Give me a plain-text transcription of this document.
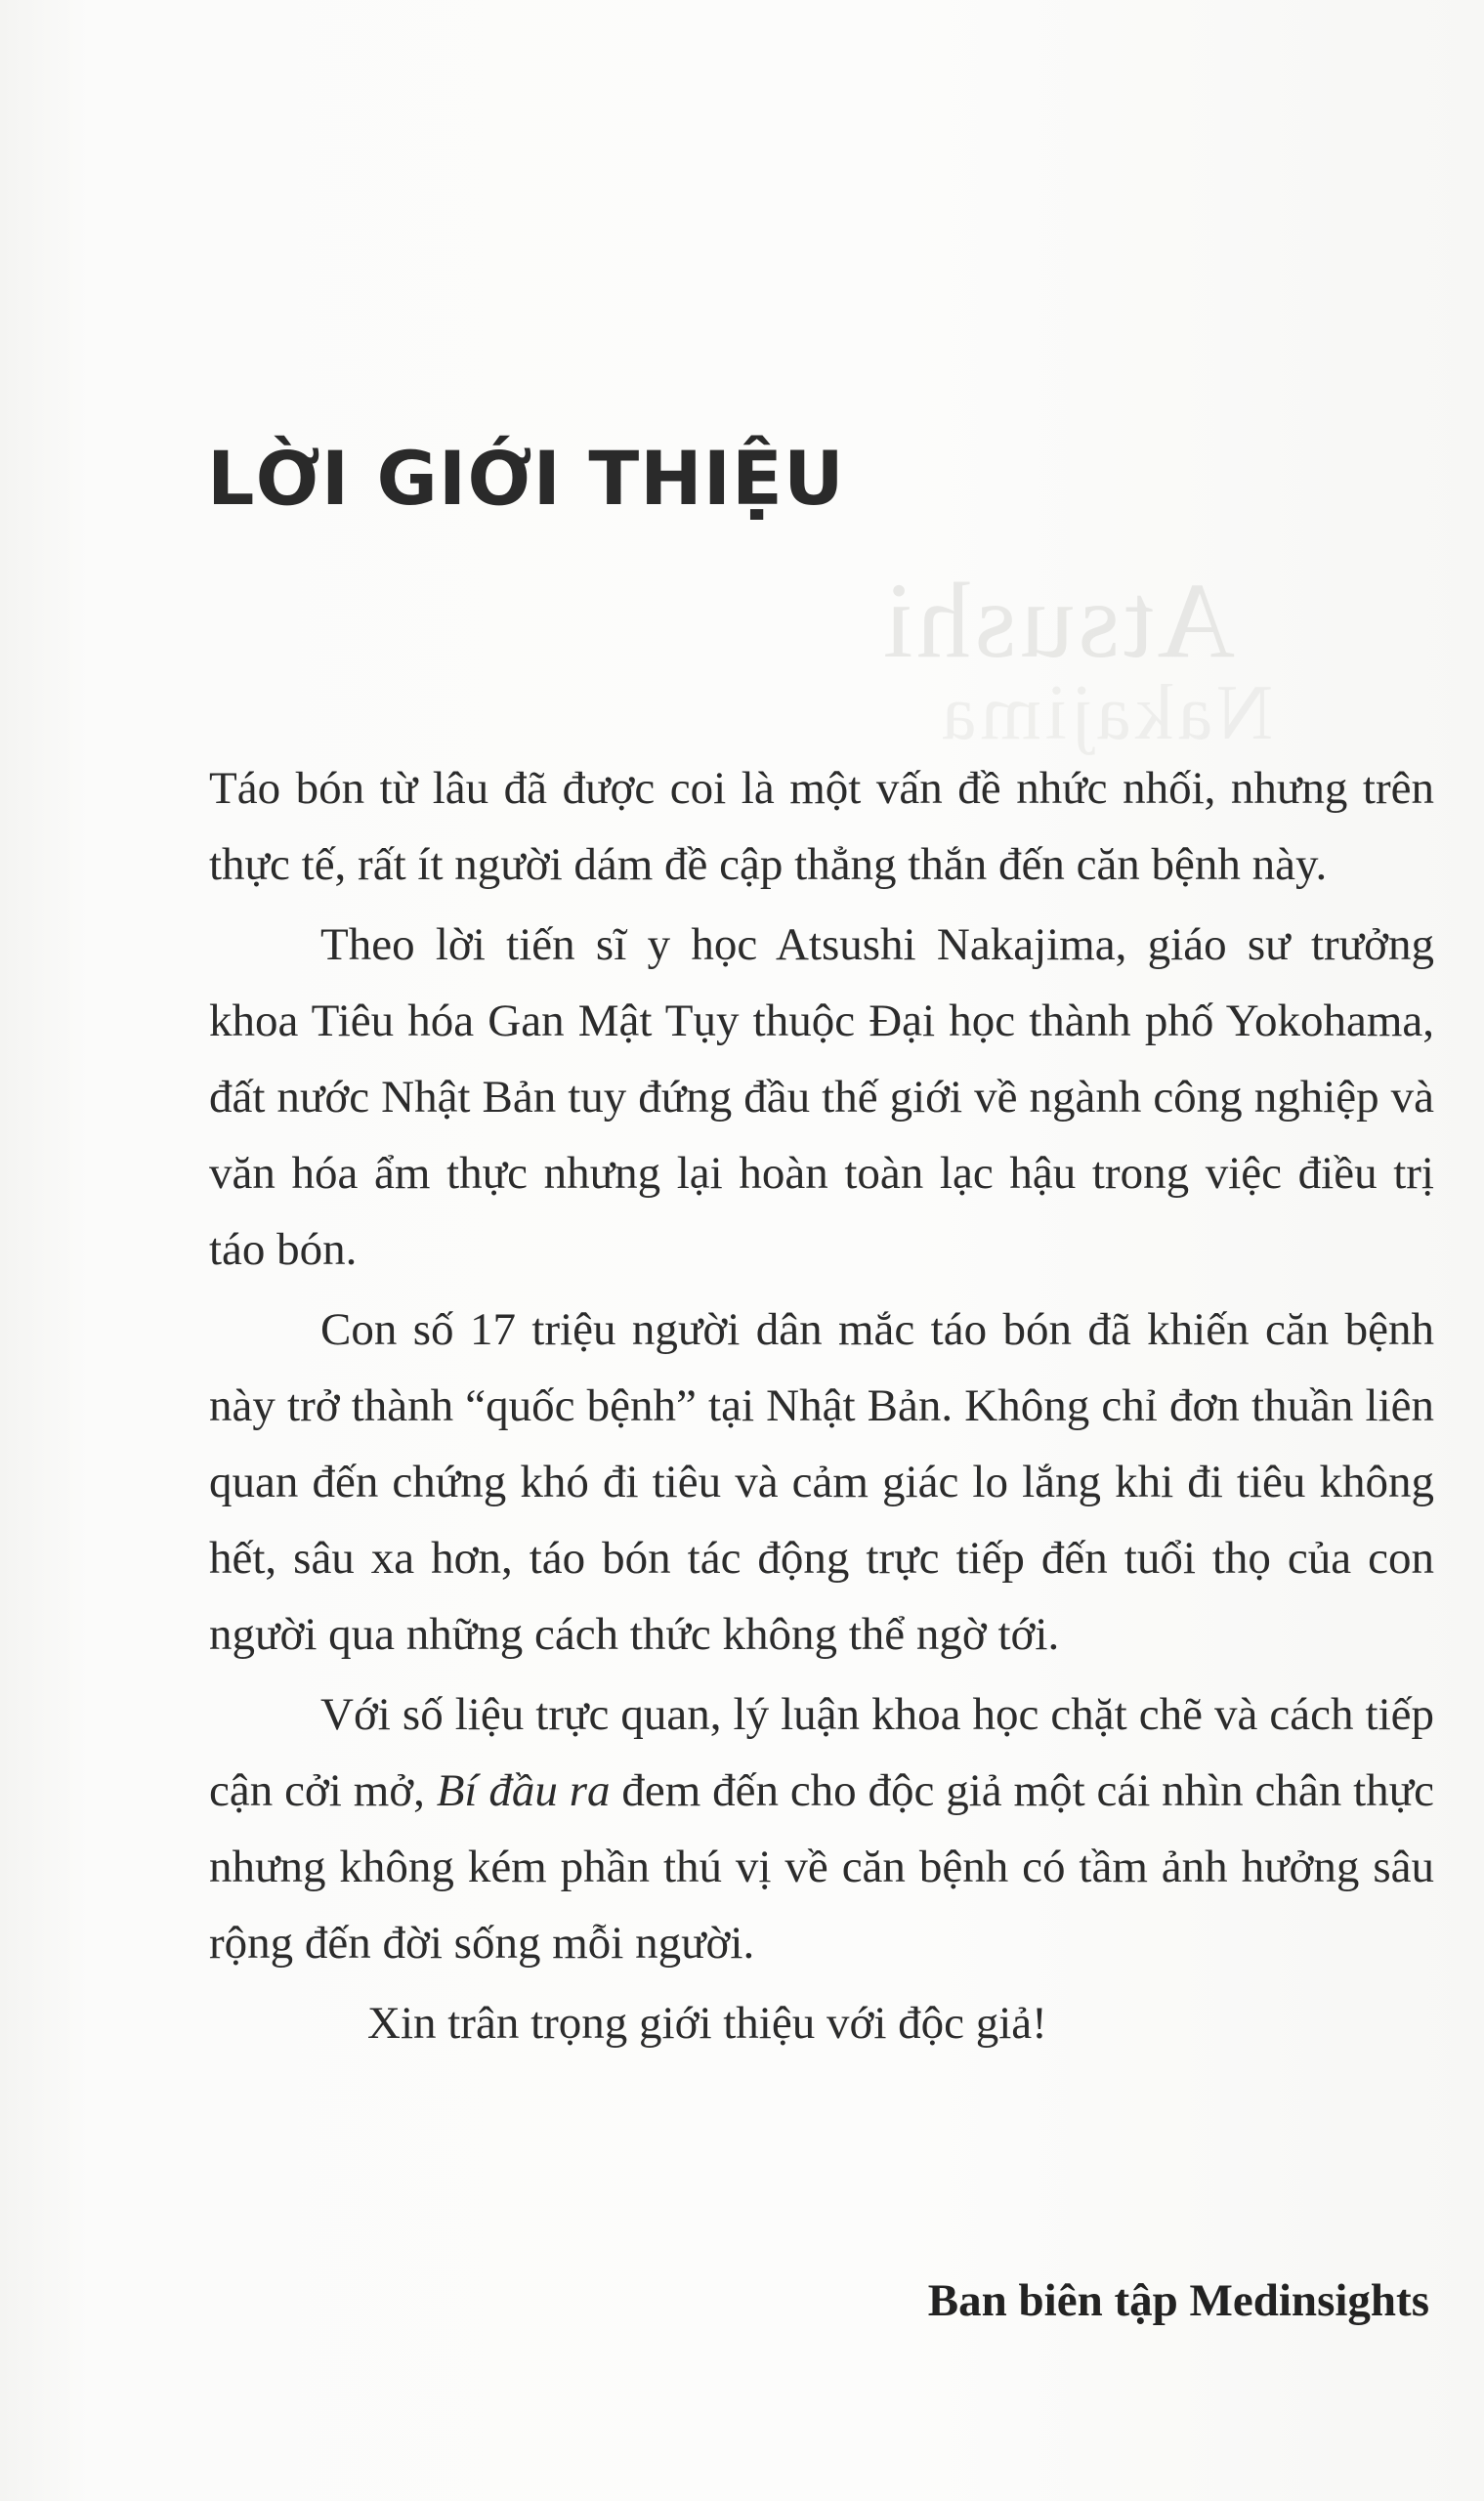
Atsushi
Nakajima
LỜI GIỚI THIỆU

Táo bón từ lâu đã được coi là một vấn đề nhức nhối, nhưng trên thực tế, rất ít người dám đề cập thẳng thắn đến căn bệnh này.

Theo lời tiến sĩ y học Atsushi Nakajima, giáo sư trưởng khoa Tiêu hóa Gan Mật Tụy thuộc Đại học thành phố Yokohama, đất nước Nhật Bản tuy đứng đầu thế giới về ngành công nghiệp và văn hóa ẩm thực nhưng lại hoàn toàn lạc hậu trong việc điều trị táo bón.

Con số 17 triệu người dân mắc táo bón đã khiến căn bệnh này trở thành “quốc bệnh” tại Nhật Bản. Không chỉ đơn thuần liên quan đến chứng khó đi tiêu và cảm giác lo lắng khi đi tiêu không hết, sâu xa hơn, táo bón tác động trực tiếp đến tuổi thọ của con người qua những cách thức không thể ngờ tới.

Với số liệu trực quan, lý luận khoa học chặt chẽ và cách tiếp cận cởi mở, Bí đầu ra đem đến cho độc giả một cái nhìn chân thực nhưng không kém phần thú vị về căn bệnh có tầm ảnh hưởng sâu rộng đến đời sống mỗi người.

Xin trân trọng giới thiệu với độc giả!

Ban biên tập Medinsights
